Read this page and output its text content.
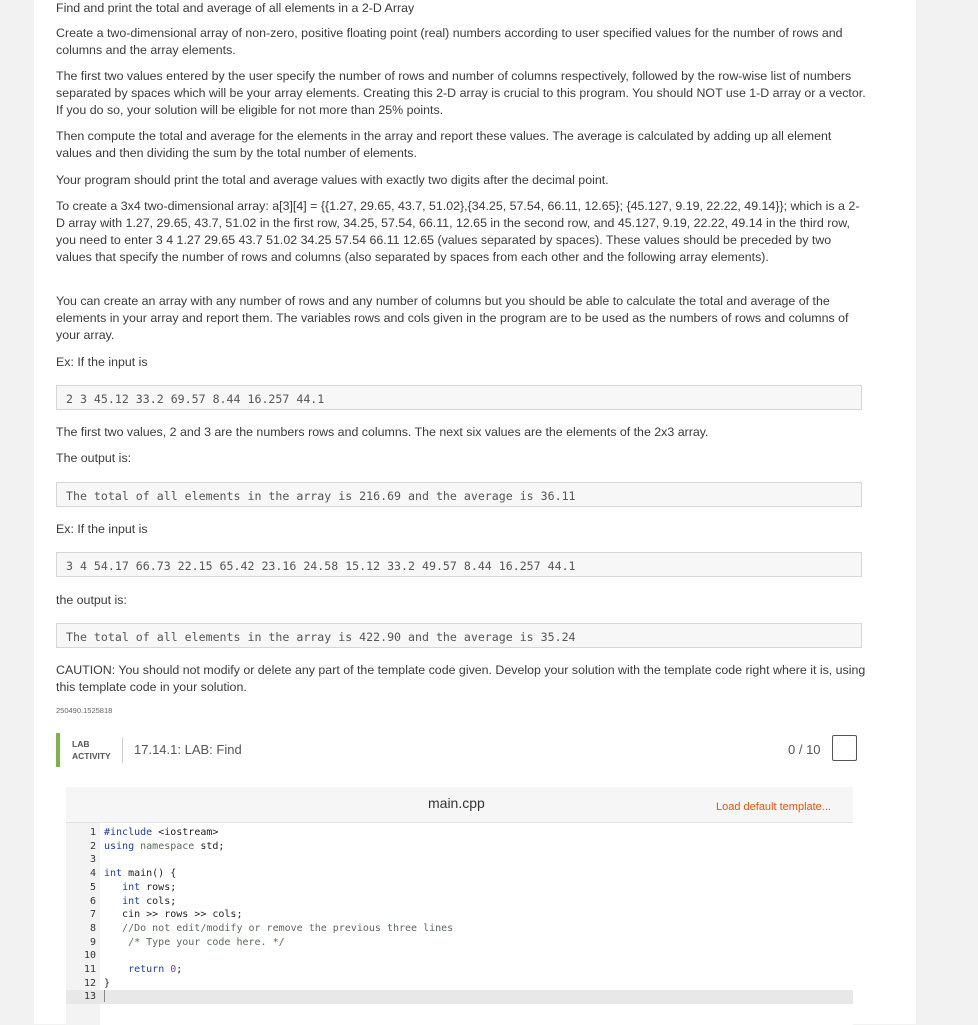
Find and print the total and average of all elements in a 2-D Array

Create a two-dimensional array of non-zero, positive floating point (real) numbers according to user specified values for the number of rows and columns and the array elements.

The first two values entered by the user specify the number of rows and number of columns respectively, followed by the row-wise list of numbers separated by spaces which will be your array elements. Creating this 2-D array is crucial to this program. You should NOT use 1-D array or a vector. If you do so, your solution will be eligible for not more than 25% points.

Then compute the total and average for the elements in the array and report these values. The average is calculated by adding up all element values and then dividing the sum by the total number of elements.

Your program should print the total and average values with exactly two digits after the decimal point.

To create a 3x4 two-dimensional array: a[3][4] = {{1.27, 29.65, 43.7, 51.02},{34.25, 57.54, 66.11, 12.65}; {45.127, 9.19, 22.22, 49.14}}; which is a 2-D array with 1.27, 29.65, 43.7, 51.02 in the first row, 34.25, 57.54, 66.11, 12.65 in the second row, and 45.127, 9.19, 22.22, 49.14 in the third row, you need to enter 3 4 1.27 29.65 43.7 51.02 34.25 57.54 66.11 12.65 (values separated by spaces). These values should be preceded by two values that specify the number of rows and columns (also separated by spaces from each other and the following array elements).

You can create an array with any number of rows and any number of columns but you should be able to calculate the total and average of the elements in your array and report them. The variables rows and cols given in the program are to be used as the numbers of rows and columns of your array.

Ex: If the input is

2 3 45.12 33.2 69.57 8.44 16.257 44.1

The first two values, 2 and 3 are the numbers rows and columns. The next six values are the elements of the 2x3 array.

The output is:

The total of all elements in the array is 216.69 and the average is 36.11

Ex: If the input is

3 4 54.17 66.73 22.15 65.42 23.16 24.58 15.12 33.2 49.57 8.44 16.257 44.1

the output is:

The total of all elements in the array is 422.90 and the average is 35.24

CAUTION: You should not modify or delete any part of the template code given. Develop your solution with the template code right where it is, using this template code in your solution.

250490.1525818
LAB
ACTIVITY 17.14.1: LAB: Find	0 / 10
main.cpp	Load default template...
1 #include <iostream>
2 using namespace std;
3
4 int main() {
5	int rows;
6	int cols;
7 cin >> rows >> cols;
8 //Do not edit/modify or remove the previous three lines
9 /* Type your code here. */
10
11	return 0;
12 }
13
